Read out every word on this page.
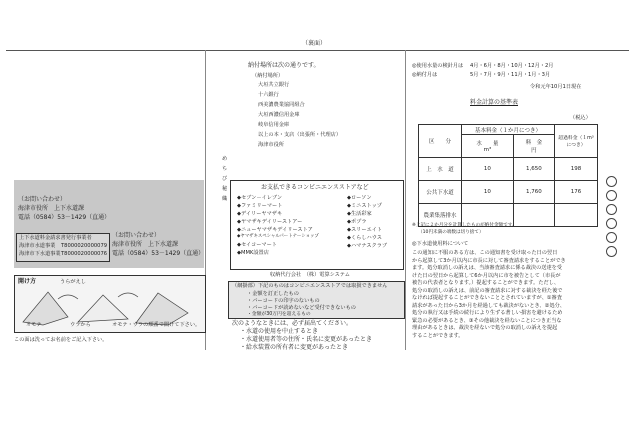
（裏面）
（お問い合わせ）
海津市役所　上下水道課
電話（0584）53－1429（直通）
上下水道料金請求書発行事業者
海津市水道事業 T8000020000079
海津市下水道事業 T8000020000076
（お問い合わせ）
海津市役所　上下水道課
電話（0584）53－1429（直通）
開け方	うらがえし
オモテ	ウラから	オモテ・ウラの順番で開けて下さい。
この面は洗ってお名前をご記入下さい。
納付場所は次の通りです。
（納付場所）
大垣共立銀行
十六銀行
西美濃農業協同組合
大垣西濃信用金庫
岐阜信用金庫
以上の本・支店（出張所・代理店）
海津市役所
め　ち　び　秘　織
お支払できるコンビニエンスストアなど
◆セブン－イレブン
◆ファミリーマート
◆デイリーヤマザキ
◆ヤマザキデイリーストアー
◆ニューヤマザキデイリーストア
◆ヤマザキスペシャルパートナーショップ
◆セイコーマート
◆MMK設置店
◆ローソン
◆ミニストップ
◆生活彩家
◆ポプラ
◆スリーエイト
◆くらしハウス
◆ハマナスクラブ
収納代行会社　（株）電算システム
（網掛部）下記のものはコンビニエンスストアでは取扱できません
・金額を訂正したもの
・バーコードの印字のないもの
・バーコードが読めないなど受付できないもの
・金額が30万円を超えるもの
次のようなときには、必ず届出てください。
・水道の使用を中止するとき
・水道使用者等の住所・氏名に変更があったとき
・給水装置の所有者に変更があったとき
◎使用水量の検針月は 4月・6月・8月・10月・12月・2月
◎納付月は	5月・7月・9月・11月・1月・3月
令和元年10月1日現在
料金計算の基準表
（税込）
区　　分	基本料金（１か月につき）		超過料金（１m³につき）
	水　　量
m³	料　金
円	
上　水　道	10	1,650	198
公共下水道	10	1,760	176
農業集落排水			
※上記に２か月分を計算したものが納付金額です。
（10円未満の端数は切り捨て）
◎下水道使用料について
この通知に不服のある方は、この通知書を受け取った日の翌日
から起算して3か月以内に市長に対して審査請求をすることができ
ます。処分取消しの訴えは、当該審査請求に係る裁決の送達を受
けた日の翌日から起算して6か月以内に市を被告として（市長が
被告の代表者となります。）提起することができます。ただし、
処分の取消しの訴えは、前記の審査請求に対する裁決を経た後で
なければ提起することができないこととされていますが、①審査
請求があった日から3か月を経過しても裁決がないとき、②処分、
処分の執行又は手続の続行により生ずる著しい損害を避けるため
緊急の必要があるとき、③その他裁決を経ないことにつき正当な
理由があるときは、裁決を経ないで処分の取消しの訴えを提起
することができます。
